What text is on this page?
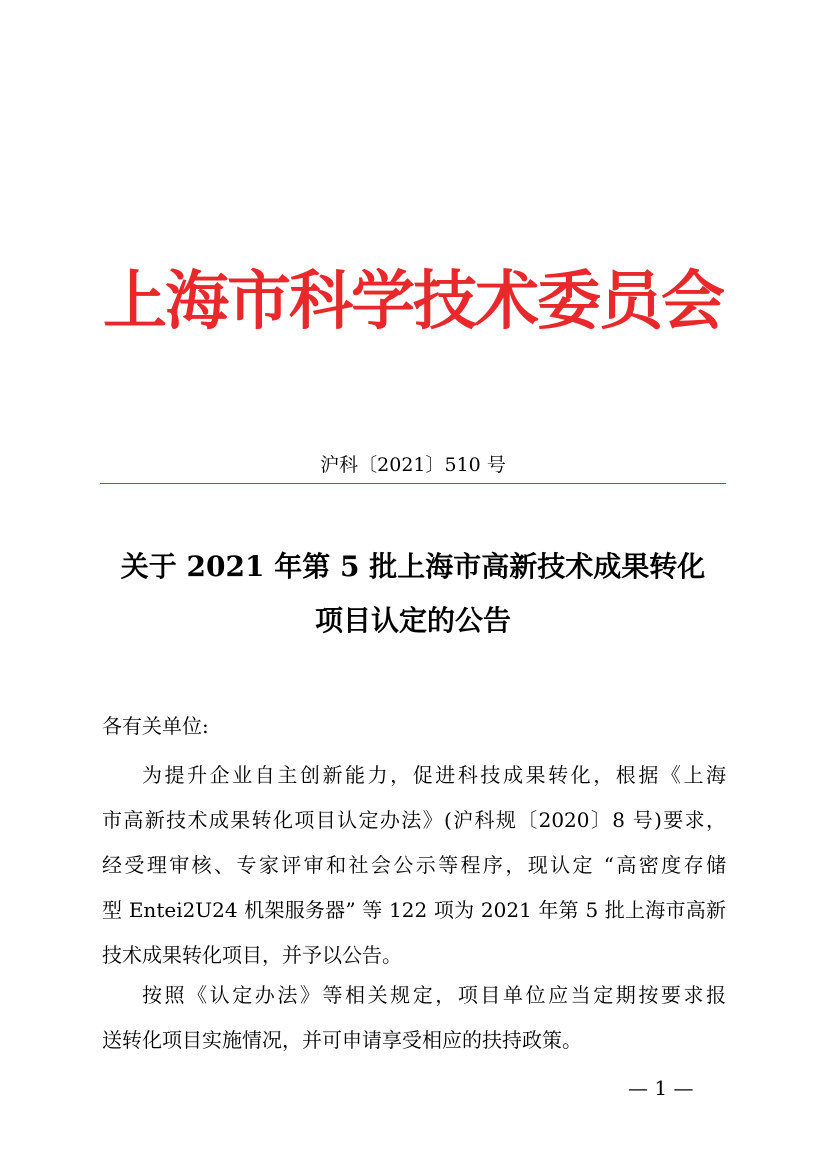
上海市科学技术委员会
沪科〔2021〕510 号
关于 2021 年第 5 批上海市高新技术成果转化
项目认定的公告
各有关单位:
为提升企业自主创新能力，促进科技成果转化，根据《上海
市高新技术成果转化项目认定办法》(沪科规〔2020〕8 号)要求，
经受理审核、专家评审和社会公示等程序，现认定 “高密度存储
型 Entei2U24 机架服务器” 等 122 项为 2021 年第 5 批上海市高新
技术成果转化项目，并予以公告。
按照《认定办法》等相关规定，项目单位应当定期按要求报
送转化项目实施情况，并可申请享受相应的扶持政策。
— 1 —
